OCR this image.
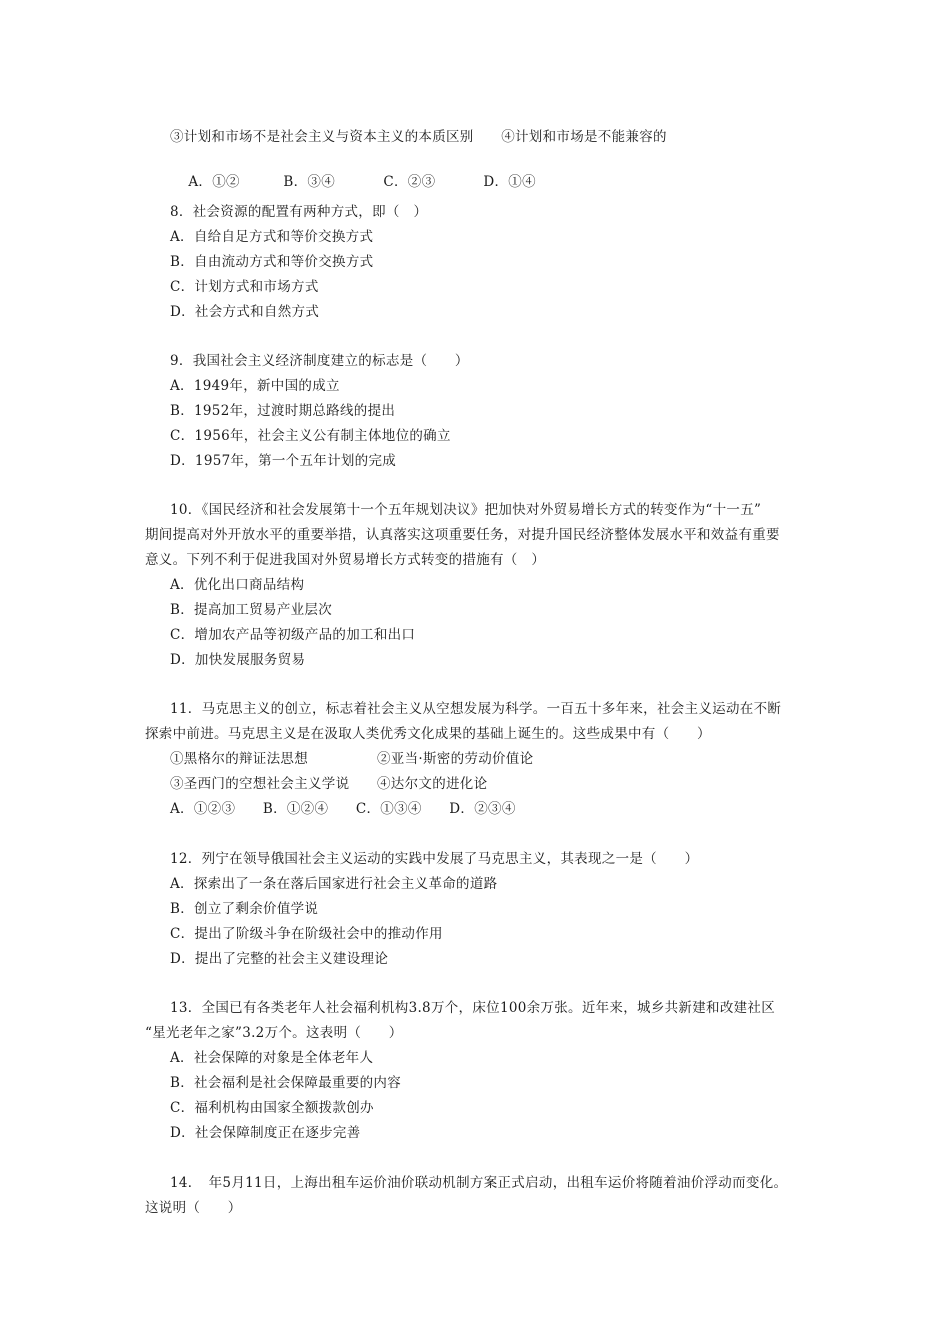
③计划和市场不是社会主义与资本主义的本质区别　　④计划和市场是不能兼容的

A．①②	B．③④	C．②③	D．①④

8．社会资源的配置有两种方式，即（　）
A．自给自足方式和等价交换方式
B．自由流动方式和等价交换方式
C．计划方式和市场方式
D．社会方式和自然方式
9．我国社会主义经济制度建立的标志是（　　）
A．1949年，新中国的成立
B．1952年，过渡时期总路线的提出
C．1956年，社会主义公有制主体地位的确立
D．1957年，第一个五年计划的完成
10．《国民经济和社会发展第十一个五年规划决议》把加快对外贸易增长方式的转变作为“十一五”
期间提高对外开放水平的重要举措，认真落实这项重要任务，对提升国民经济整体发展水平和效益有重要
意义。下列不利于促进我国对外贸易增长方式转变的措施有（　）
A．优化出口商品结构
B．提高加工贸易产业层次
C．增加农产品等初级产品的加工和出口
D．加快发展服务贸易
11．马克思主义的创立，标志着社会主义从空想发展为科学。一百五十多年来，社会主义运动在不断
探索中前进。马克思主义是在汲取人类优秀文化成果的基础上诞生的。这些成果中有（　　）
①黑格尔的辩证法思想　　　　　②亚当·斯密的劳动价值论
③圣西门的空想社会主义学说　　④达尔文的进化论
A．①②③　　B．①②④　　C．①③④　　D．②③④
12．列宁在领导俄国社会主义运动的实践中发展了马克思主义，其表现之一是（　　）
A．探索出了一条在落后国家进行社会主义革命的道路
B．创立了剩余价值学说
C．提出了阶级斗争在阶级社会中的推动作用
D．提出了完整的社会主义建设理论
13．全国已有各类老年人社会福利机构3.8万个，床位100余万张。近年来，城乡共新建和改建社区
“星光老年之家”3.2万个。这表明（　　）
A．社会保障的对象是全体老年人
B．社会福利是社会保障最重要的内容
C．福利机构由国家全额拨款创办
D．社会保障制度正在逐步完善
14．　年5月11日，上海出租车运价油价联动机制方案正式启动，出租车运价将随着油价浮动而变化。
这说明（　　）
